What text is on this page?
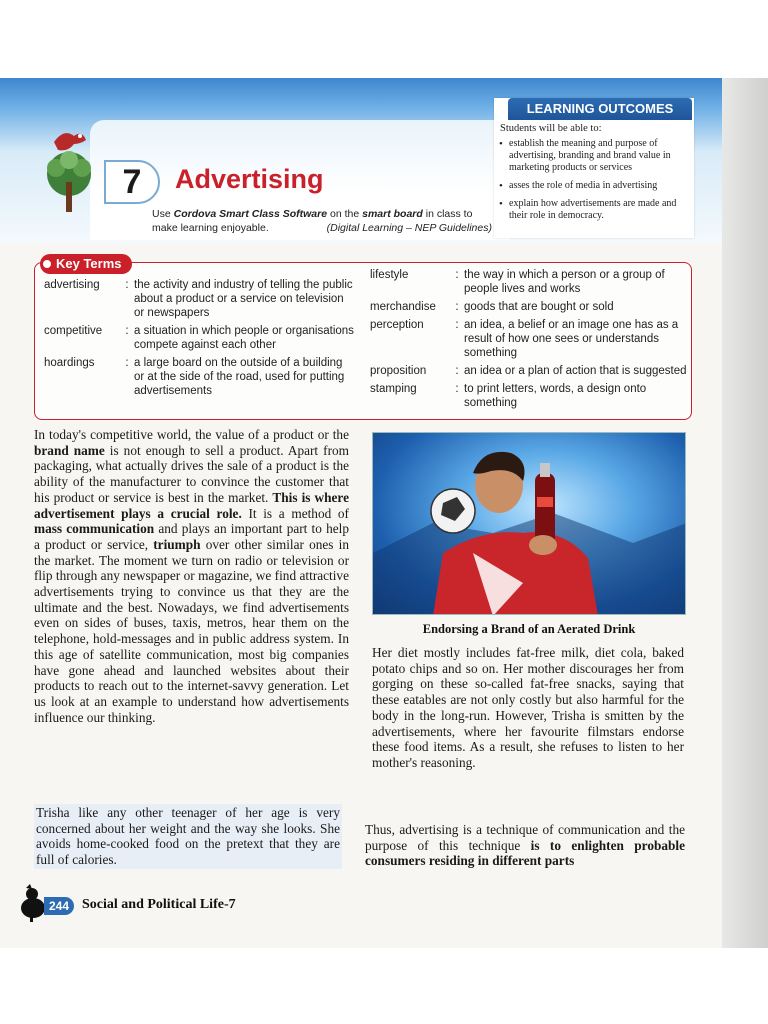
7	Advertising
Use Cordova Smart Class Software on the smart board in class to
make learning enjoyable.	(Digital Learning – NEP Guidelines)
LEARNING OUTCOMES
Students will be able to:
• establish the meaning and purpose of advertising, branding and brand value in marketing products or services
• asses the role of media in advertising
• explain how advertisements are made and their role in democracy.
Key Terms
advertising	: the activity and industry of telling the public about a product or a service on television or newspapers
competitive	: a situation in which people or organisations compete against each other
hoardings	: a large board on the outside of a building or at the side of the road, used for putting advertisements
lifestyle	: the way in which a person or a group of people lives and works
merchandise	: goods that are bought or sold
perception	: an idea, a belief or an image one has as a result of how one sees or understands something
proposition	: an idea or a plan of action that is suggested
stamping	: to print letters, words, a design onto something
In today's competitive world, the value of a product or the brand name is not enough to sell a product. Apart from packaging, what actually drives the sale of a product is the ability of the manufacturer to convince the customer that his product or service is best in the market. This is where advertisement plays a crucial role. It is a method of mass communication and plays an important part to help a product or service, triumph over other similar ones in the market. The moment we turn on radio or television or flip through any newspaper or magazine, we find attractive advertisements trying to convince us that they are the ultimate and the best. Nowadays, we find advertisements even on sides of buses, taxis, metros, hear them on the telephone, hold-messages and in public address system. In this age of satellite communication, most big companies have gone ahead and launched websites about their products to reach out to the internet-savvy generation. Let us look at an example to understand how advertisements influence our thinking.
Trisha like any other teenager of her age is very concerned about her weight and the way she looks. She avoids home-cooked food on the pretext that they are full of calories.
Endorsing a Brand of an Aerated Drink
Her diet mostly includes fat-free milk, diet cola, baked potato chips and so on. Her mother discourages her from gorging on these so-called fat-free snacks, saying that these eatables are not only costly but also harmful for the body in the long-run. However, Trisha is smitten by the advertisements, where her favourite filmstars endorse these food items. As a result, she refuses to listen to her mother's reasoning.
Thus, advertising is a technique of communication and the purpose of this technique is to enlighten probable consumers residing in different parts
244 Social and Political Life-7
